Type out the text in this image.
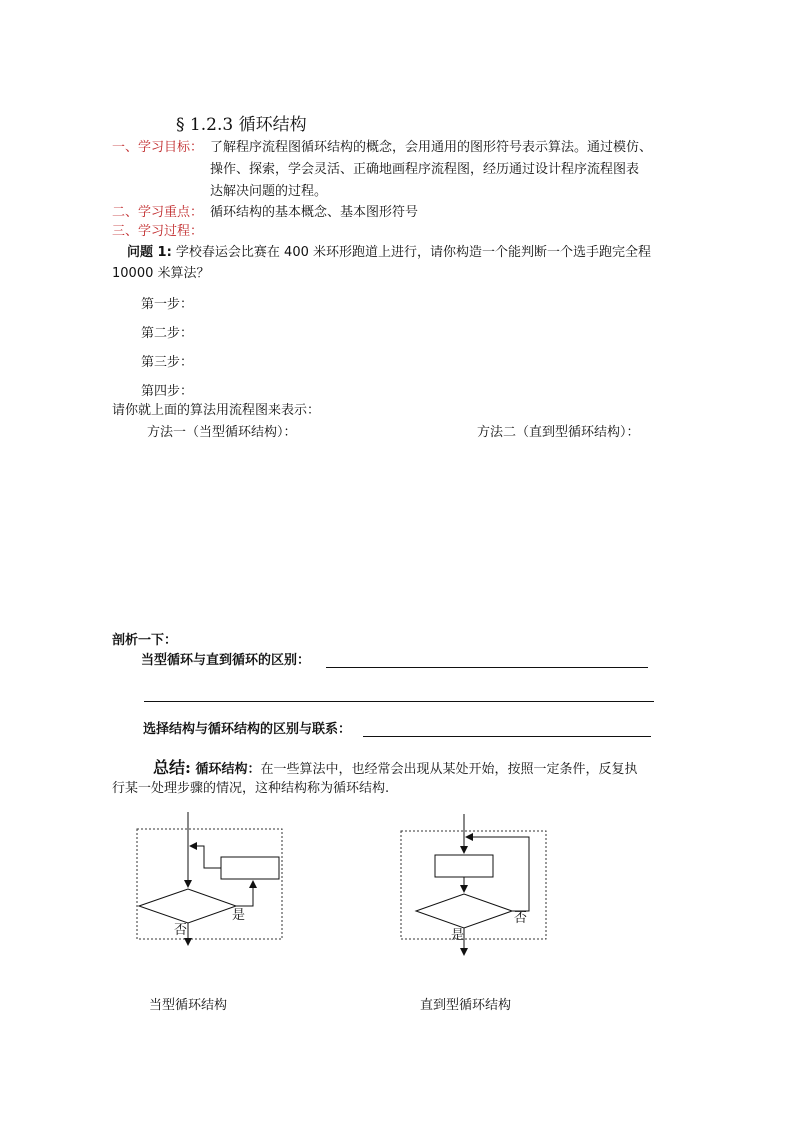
§ 1.2.3 循环结构
一、学习目标： 了解程序流程图循环结构的概念，会用通用的图形符号表示算法。通过模仿、
操作、探索，学会灵活、正确地画程序流程图，经历通过设计程序流程图表
达解决问题的过程。
二、学习重点： 循环结构的基本概念、基本图形符号
三、学习过程：
问题 1: 学校春运会比赛在 400 米环形跑道上进行，请你构造一个能判断一个选手跑完全程
10000 米算法？
第一步：
第二步：
第三步：
第四步：
请你就上面的算法用流程图来表示：
方法一（当型循环结构）：	方法二（直到型循环结构）：
剖析一下：
当型循环与直到循环的区别：
选择结构与循环结构的区别与联系：
总结: 循环结构：在一些算法中，也经常会出现从某处开始，按照一定条件，反复执
行某一处理步骤的情况，这种结构称为循环结构.
是
否
否
是
当型循环结构	直到型循环结构
